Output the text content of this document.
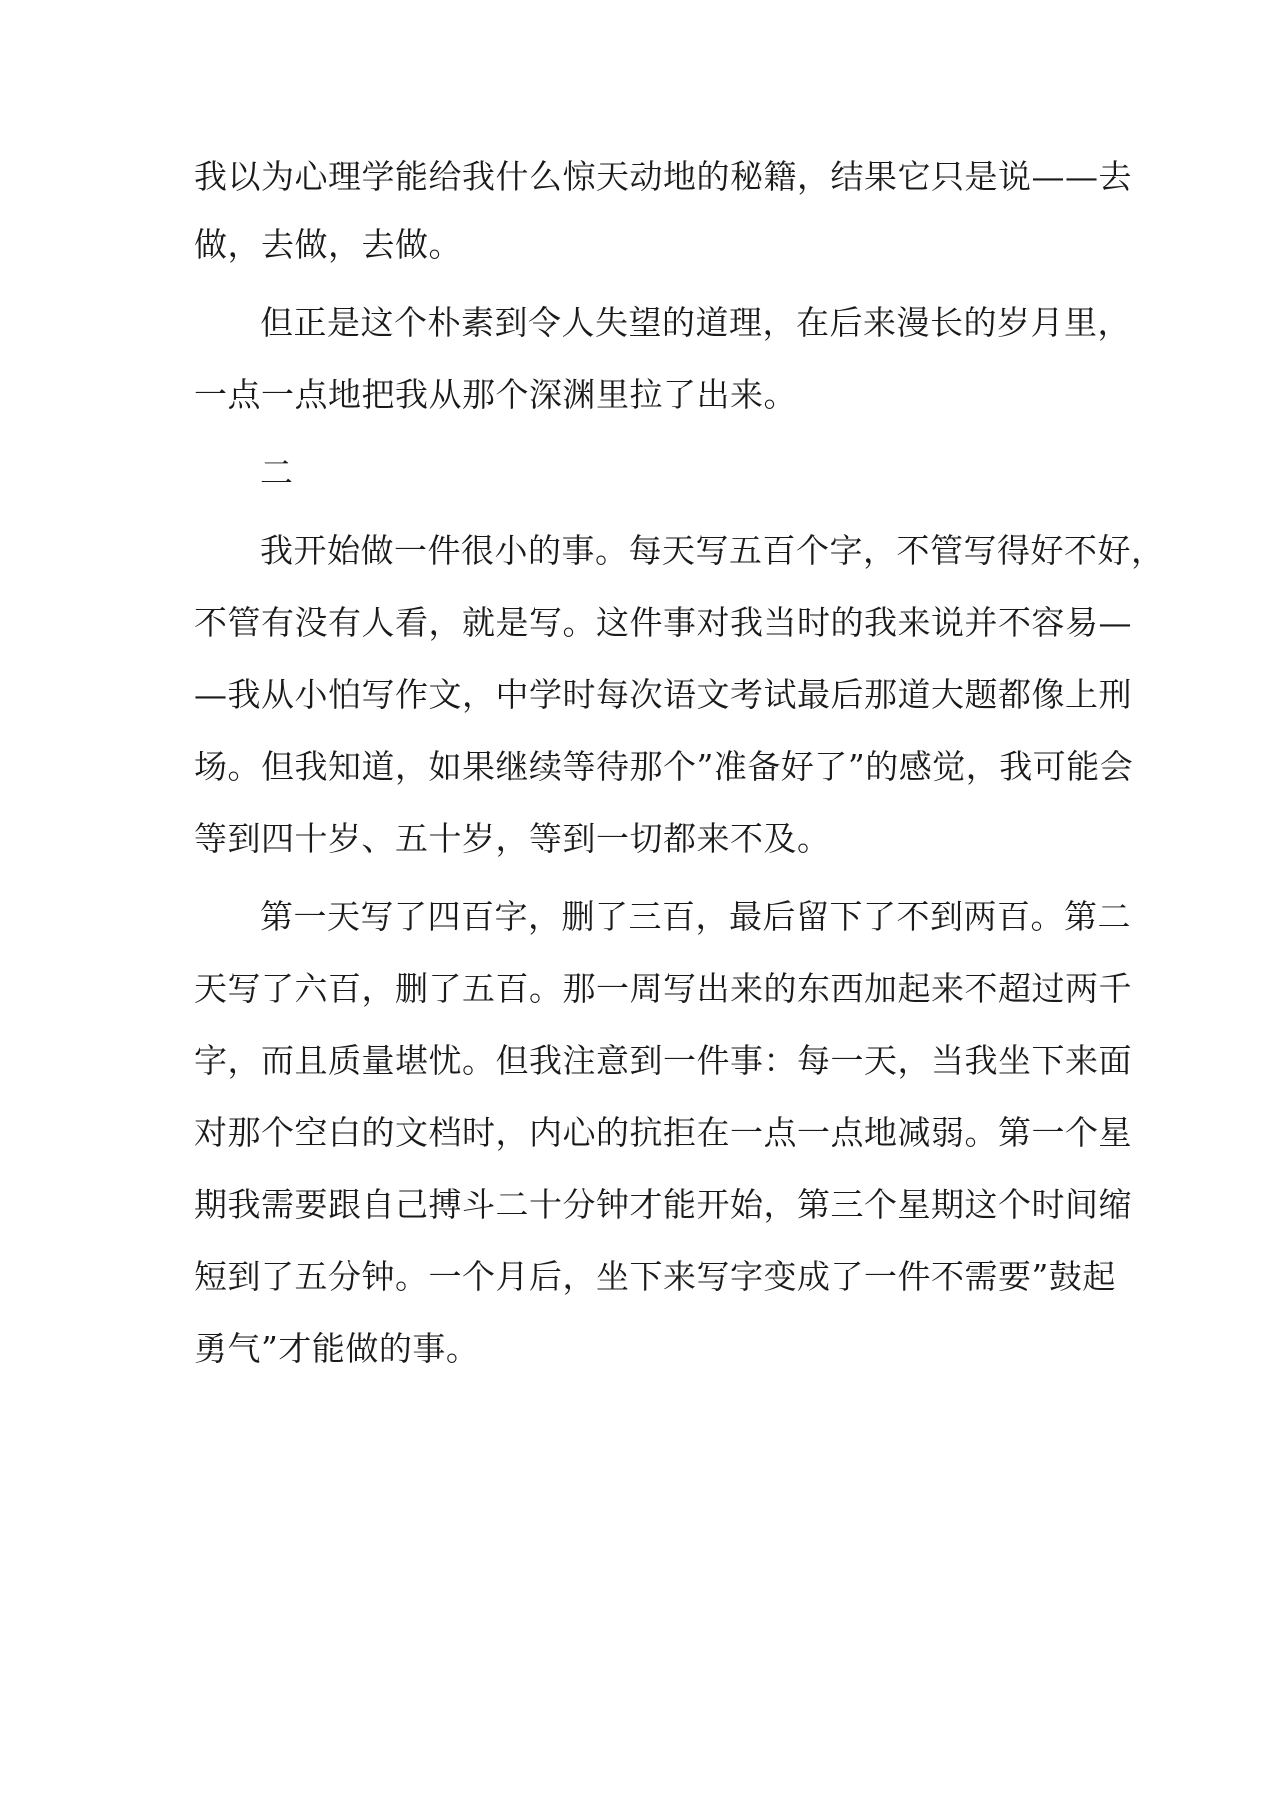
我以为心理学能给我什么惊天动地的秘籍，结果它只是说——去
做，去做，去做。
但正是这个朴素到令人失望的道理，在后来漫长的岁月里，
一点一点地把我从那个深渊里拉了出来。
二
我开始做一件很小的事。每天写五百个字，不管写得好不好，
不管有没有人看，就是写。这件事对我当时的我来说并不容易—
—我从小怕写作文，中学时每次语文考试最后那道大题都像上刑
场。但我知道，如果继续等待那个”准备好了”的感觉，我可能会
等到四十岁、五十岁，等到一切都来不及。
第一天写了四百字，删了三百，最后留下了不到两百。第二
天写了六百，删了五百。那一周写出来的东西加起来不超过两千
字，而且质量堪忧。但我注意到一件事：每一天，当我坐下来面
对那个空白的文档时，内心的抗拒在一点一点地减弱。第一个星
期我需要跟自己搏斗二十分钟才能开始，第三个星期这个时间缩
短到了五分钟。一个月后，坐下来写字变成了一件不需要”鼓起
勇气”才能做的事。
